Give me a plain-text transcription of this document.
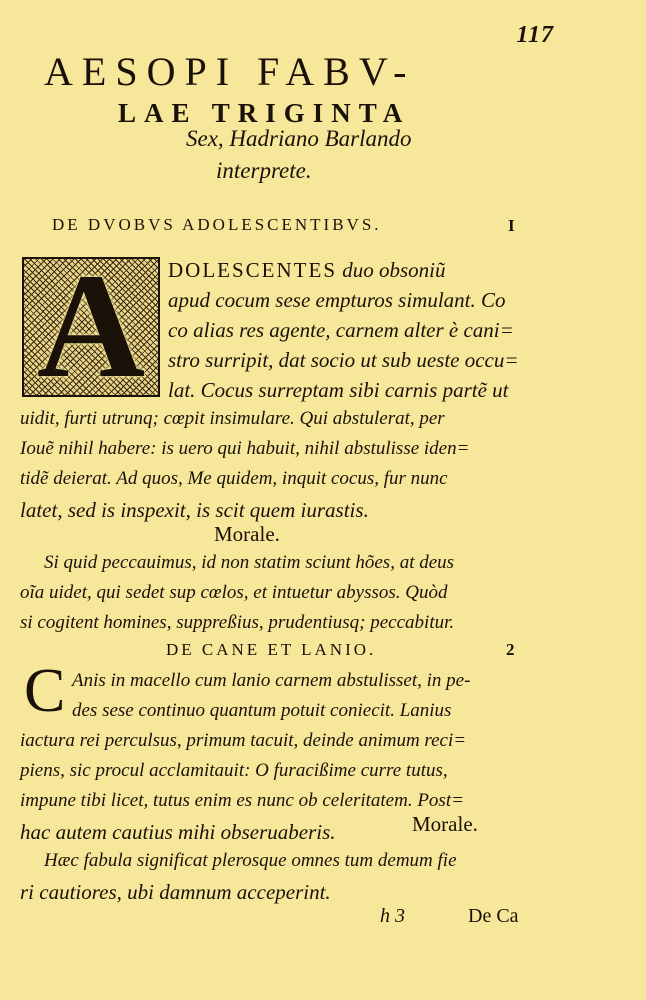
117
AESOPI FABV-
LAE TRIGINTA
Sex, Hadriano Barlando
interprete.
DE DVOBVS ADOLESCENTIBVS.	I
A	DOLESCENTES duo obsoniũ
apud cocum sese empturos simulant. Co
co alias res agente, carnem alter è cani=
stro surripit, dat socio ut sub ueste occu=
lat. Cocus surreptam sibi carnis partẽ ut
uidit, furti utrunq; cœpit insimulare. Qui abstulerat, per
Iouẽ nihil habere: is uero qui habuit, nihil abstulisse iden=
tidẽ deierat. Ad quos, Me quidem, inquit cocus, fur nunc
latet, sed is inspexit, is scit quem iurastis.
Morale.
Si quid peccauimus, id non statim sciunt hões, at deus
oĩa uidet, qui sedet sup cœlos, et intuetur abyssos. Quòd
si cogitent homines, suppreßius, prudentiusq; peccabitur.
DE CANE ET LANIO.	2
C Anis in macello cum lanio carnem abstulisset, in pe-
des sese continuo quantum potuit coniecit. Lanius
iactura rei perculsus, primum tacuit, deinde animum reci=
piens, sic procul acclamitauit: O furacißime curre tutus,
impune tibi licet, tutus enim es nunc ob celeritatem. Post=
hac autem cautius mihi obseruaberis.	Morale.
Hæc fabula significat plerosque omnes tum demum fie
ri cautiores, ubi damnum acceperint.
h 3	De Ca
